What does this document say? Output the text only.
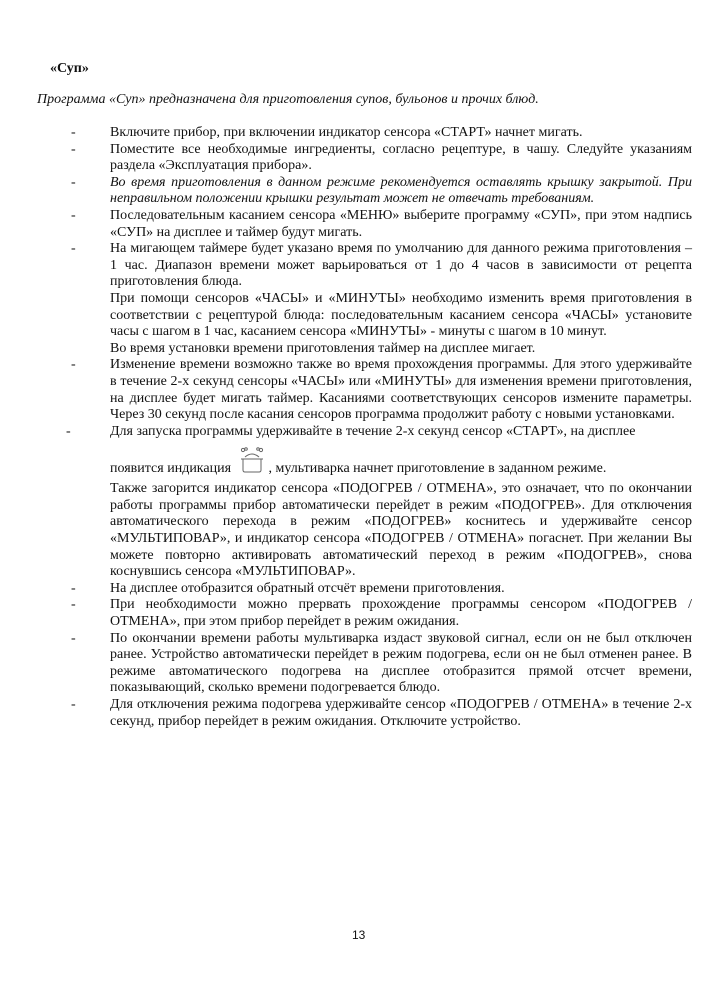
«Суп»
Программа «Суп» предназначена для приготовления супов, бульонов и прочих блюд.
- Включите прибор, при включении индикатор сенсора «СТАРТ» начнет мигать.

- Поместите все необходимые ингредиенты, согласно рецептуре, в чашу. Следуйте указаниям раздела «Эксплуатация прибора».

- Во время приготовления в данном режиме рекомендуется оставлять крышку закрытой. При неправильном положении крышки результат может не отвечать требованиям.

- Последовательным касанием сенсора «МЕНЮ» выберите программу «СУП», при этом надпись «СУП» на дисплее и таймер будут мигать.

- На мигающем таймере будет указано время по умолчанию для данного режима приготовления – 1 час. Диапазон времени может варьироваться от 1 до 4 часов в зависимости от рецепта приготовления блюда.

При помощи сенсоров «ЧАСЫ» и «МИНУТЫ» необходимо изменить время приготовления в соответствии с рецептурой блюда: последовательным касанием сенсора «ЧАСЫ» установите часы с шагом в 1 час, касанием сенсора «МИНУТЫ» - минуты с шагом в 10 минут.

Во время установки времени приготовления таймер на дисплее мигает.

- Изменение времени возможно также во время прохождения программы. Для этого удерживайте в течение 2-х секунд сенсоры «ЧАСЫ» или «МИНУТЫ» для изменения времени приготовления, на дисплее будет мигать таймер. Касаниями соответствующих сенсоров измените параметры. Через 30 секунд после касания сенсоров программа продолжит работу с новыми установками.

-	Для запуска программы удерживайте в течение 2-х секунд сенсор «СТАРТ», на дисплее

появится индикация	, мультиварка начнет приготовление в заданном режиме.

Также загорится индикатор сенсора «ПОДОГРЕВ / ОТМЕНА», это означает, что по окончании работы программы прибор автоматически перейдет в режим «ПОДОГРЕВ». Для отключения автоматического перехода в режим «ПОДОГРЕВ» коснитесь и удерживайте сенсор «МУЛЬТИПОВАР», и индикатор сенсора «ПОДОГРЕВ / ОТМЕНА» погаснет. При желании Вы можете повторно активировать автоматический переход в режим «ПОДОГРЕВ», снова коснувшись сенсора «МУЛЬТИПОВАР».

- На дисплее отобразится обратный отсчёт времени приготовления.

- При необходимости можно прервать прохождение программы сенсором «ПОДОГРЕВ / ОТМЕНА», при этом прибор перейдет в режим ожидания.

- По окончании времени работы мультиварка издаст звуковой сигнал, если он не был отключен ранее. Устройство автоматически перейдет в режим подогрева, если он не был отменен ранее. В режиме автоматического подогрева на дисплее отобразится прямой отсчет времени, показывающий, сколько времени подогревается блюдо.

- Для отключения режима подогрева удерживайте сенсор «ПОДОГРЕВ / ОТМЕНА» в течение 2-х секунд, прибор перейдет в режим ожидания. Отключите устройство.

13
